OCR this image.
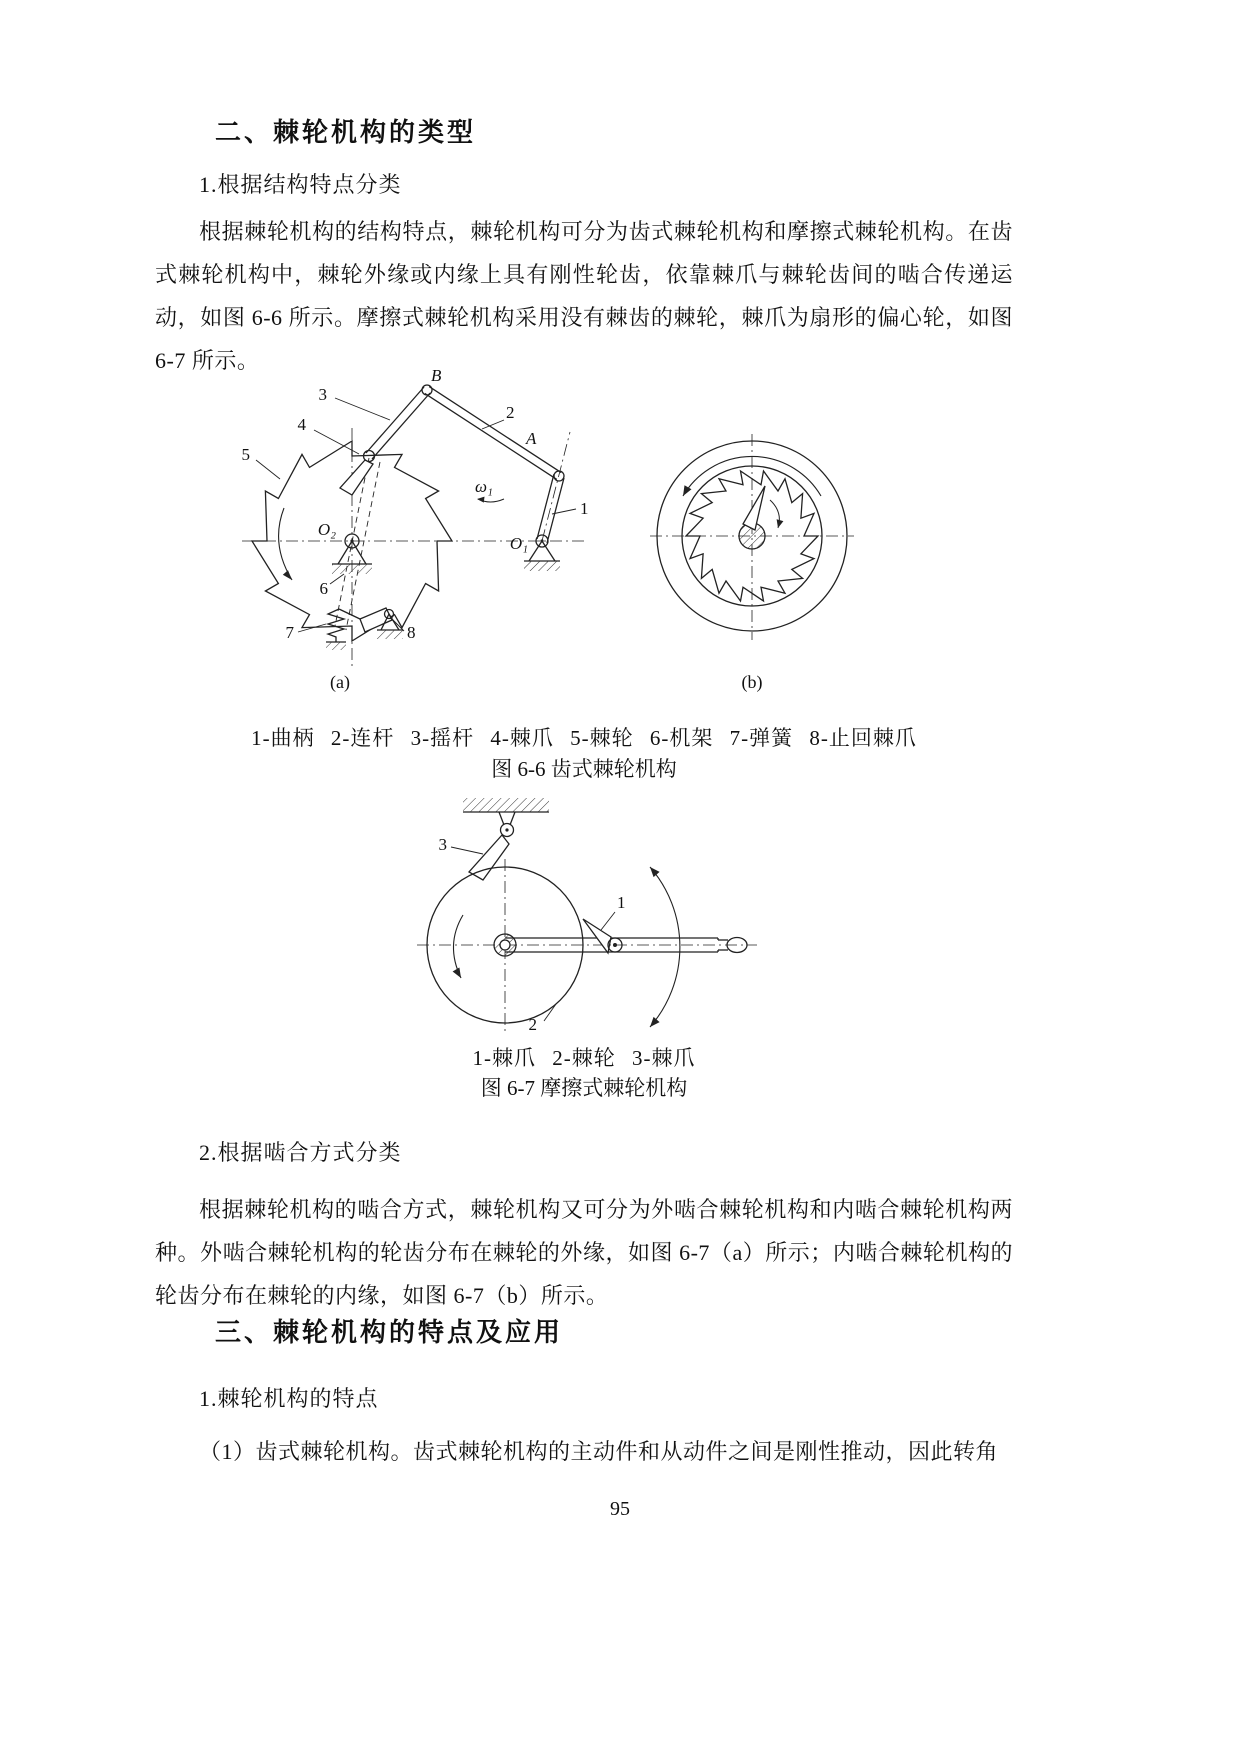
二、棘轮机构的类型
1.根据结构特点分类

根据棘轮机构的结构特点，棘轮机构可分为齿式棘轮机构和摩擦式棘轮机构。在齿式棘轮机构中，棘轮外缘或内缘上具有刚性轮齿，依靠棘爪与棘轮齿间的啮合传递运动，如图 6-6 所示。摩擦式棘轮机构采用没有棘齿的棘轮，棘爪为扇形的偏心轮，如图 6-7 所示。

3
4
5
B
2
A
ω₁
O₁
O₂
1
6
7	8
(a)	(b)
1-曲柄 2-连杆 3-摇杆 4-棘爪 5-棘轮 6-机架 7-弹簧 8-止回棘爪
图 6-6 齿式棘轮机构
3
1
2
1-棘爪 2-棘轮 3-棘爪
图 6-7 摩擦式棘轮机构
2.根据啮合方式分类

根据棘轮机构的啮合方式，棘轮机构又可分为外啮合棘轮机构和内啮合棘轮机构两种。外啮合棘轮机构的轮齿分布在棘轮的外缘，如图 6-7（a）所示；内啮合棘轮机构的轮齿分布在棘轮的内缘，如图 6-7（b）所示。

三、棘轮机构的特点及应用
1.棘轮机构的特点

（1）齿式棘轮机构。齿式棘轮机构的主动件和从动件之间是刚性推动，因此转角

95
